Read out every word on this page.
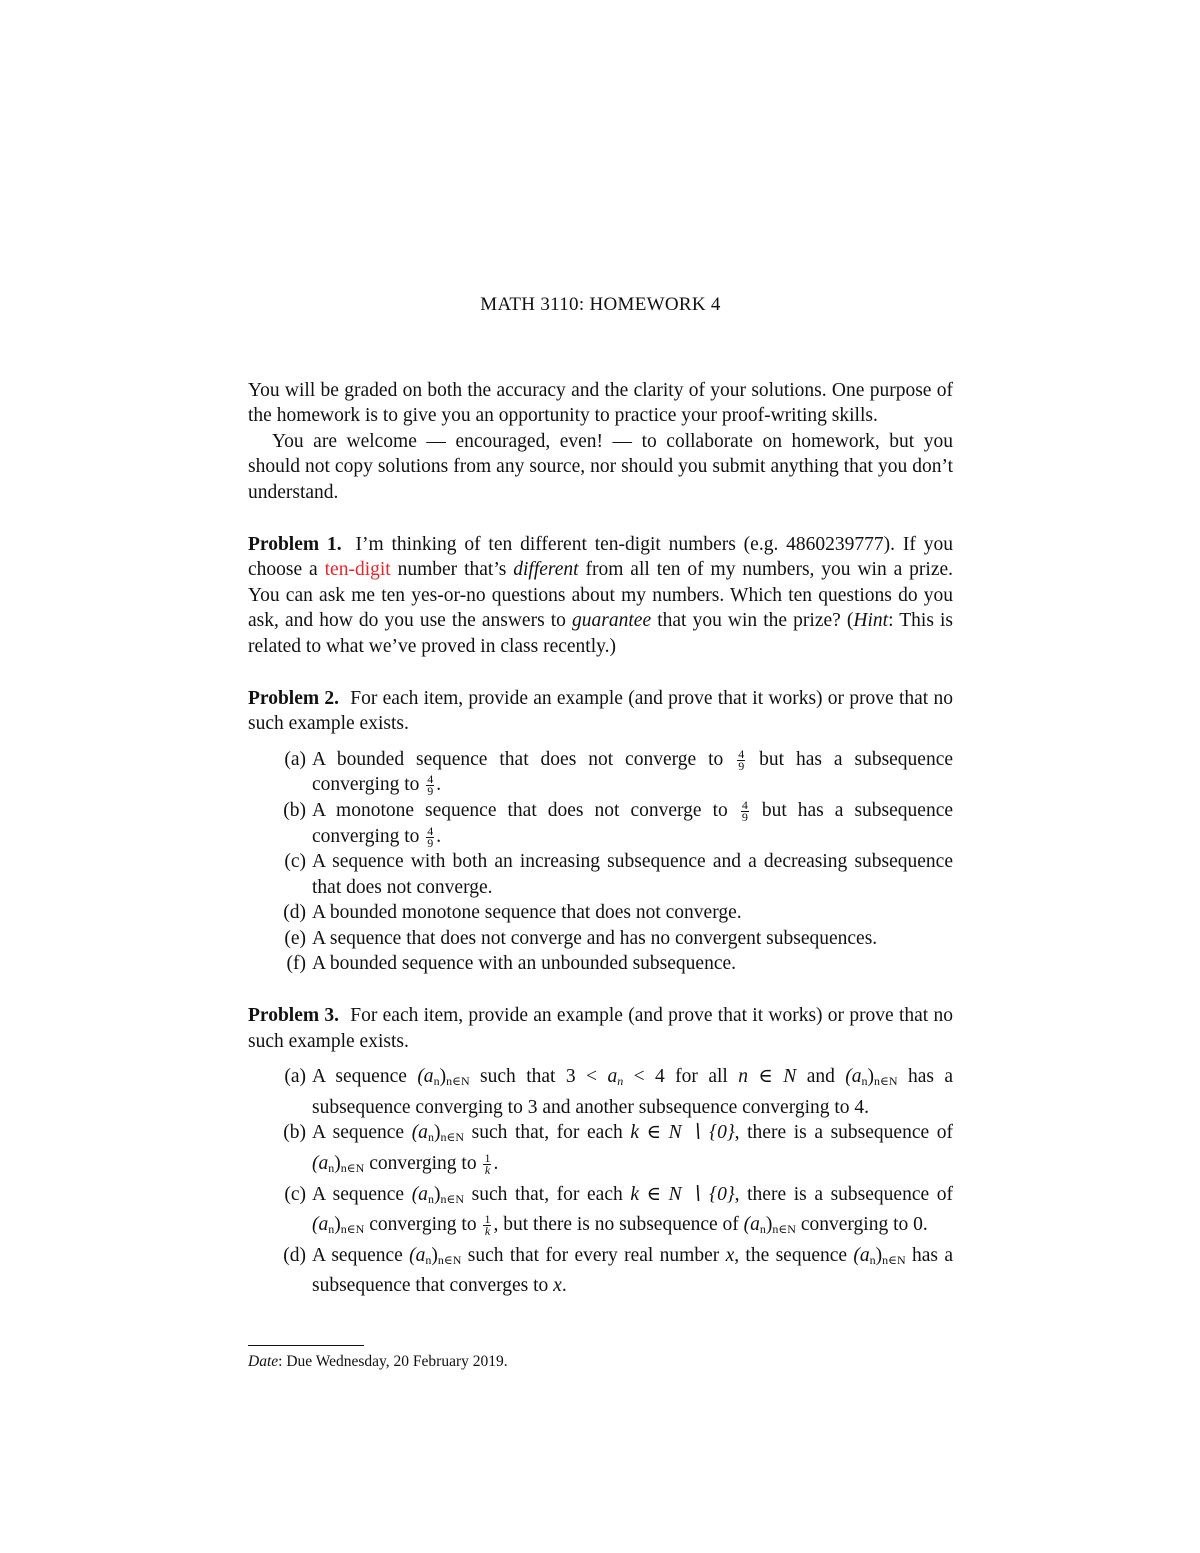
MATH 3110: HOMEWORK 4

You will be graded on both the accuracy and the clarity of your solutions. One purpose of the homework is to give you an opportunity to practice your proof-writing skills.

You are welcome — encouraged, even! — to collaborate on homework, but you should not copy solutions from any source, nor should you submit anything that you don’t understand.

Problem 1. I’m thinking of ten different ten-digit numbers (e.g. 4860239777). If you choose a ten-digit number that’s different from all ten of my numbers, you win a prize. You can ask me ten yes-or-no questions about my numbers. Which ten questions do you ask, and how do you use the answers to guarantee that you win the prize? (Hint: This is related to what we’ve proved in class recently.)

Problem 2. For each item, provide an example (and prove that it works) or prove that no such example exists.

(a) A bounded sequence that does not converge to $\frac{4}{9}$ but has a subsequence converging to $\frac{4}{9}$ .
(b) A monotone sequence that does not converge to $\frac{4}{9}$ but has a subsequence converging to $\frac{4}{9}$ .
(c) A sequence with both an increasing subsequence and a decreasing subsequence that does not converge.
(d) A bounded monotone sequence that does not converge.
(e) A sequence that does not converge and has no convergent subsequences.
(f) A bounded sequence with an unbounded subsequence.

Problem 3. For each item, provide an example (and prove that it works) or prove that no such example exists.

(a) A sequence $(a_n)_{n\in N}$ such that $3 < a_n < 4$ for all n ∈ N and $(a_n)_{n\in N}$ has a subsequence converging to 3 and another subsequence converging to 4.
(b) A sequence $(a_n)_{n\in N}$ such that, for each k ∈ N ∖ {0}, there is a subsequence of $(a_n)_{n\in N}$ converging to $\frac{1}{k}$ .
(c) A sequence $(a_n)_{n\in N}$ such that, for each k ∈ N ∖ {0}, there is a subsequence of $(a_n)_{n\in N}$ converging to $\frac{1}{k}$ , but there is no subsequence of $(a_n)_{n\in N}$ converging to 0.
(d) A sequence $(a_n)_{n\in N}$ such that for every real number x, the sequence $(a_n)_{n\in N}$ has a subsequence that converges to x.
Date: Due Wednesday, 20 February 2019.
